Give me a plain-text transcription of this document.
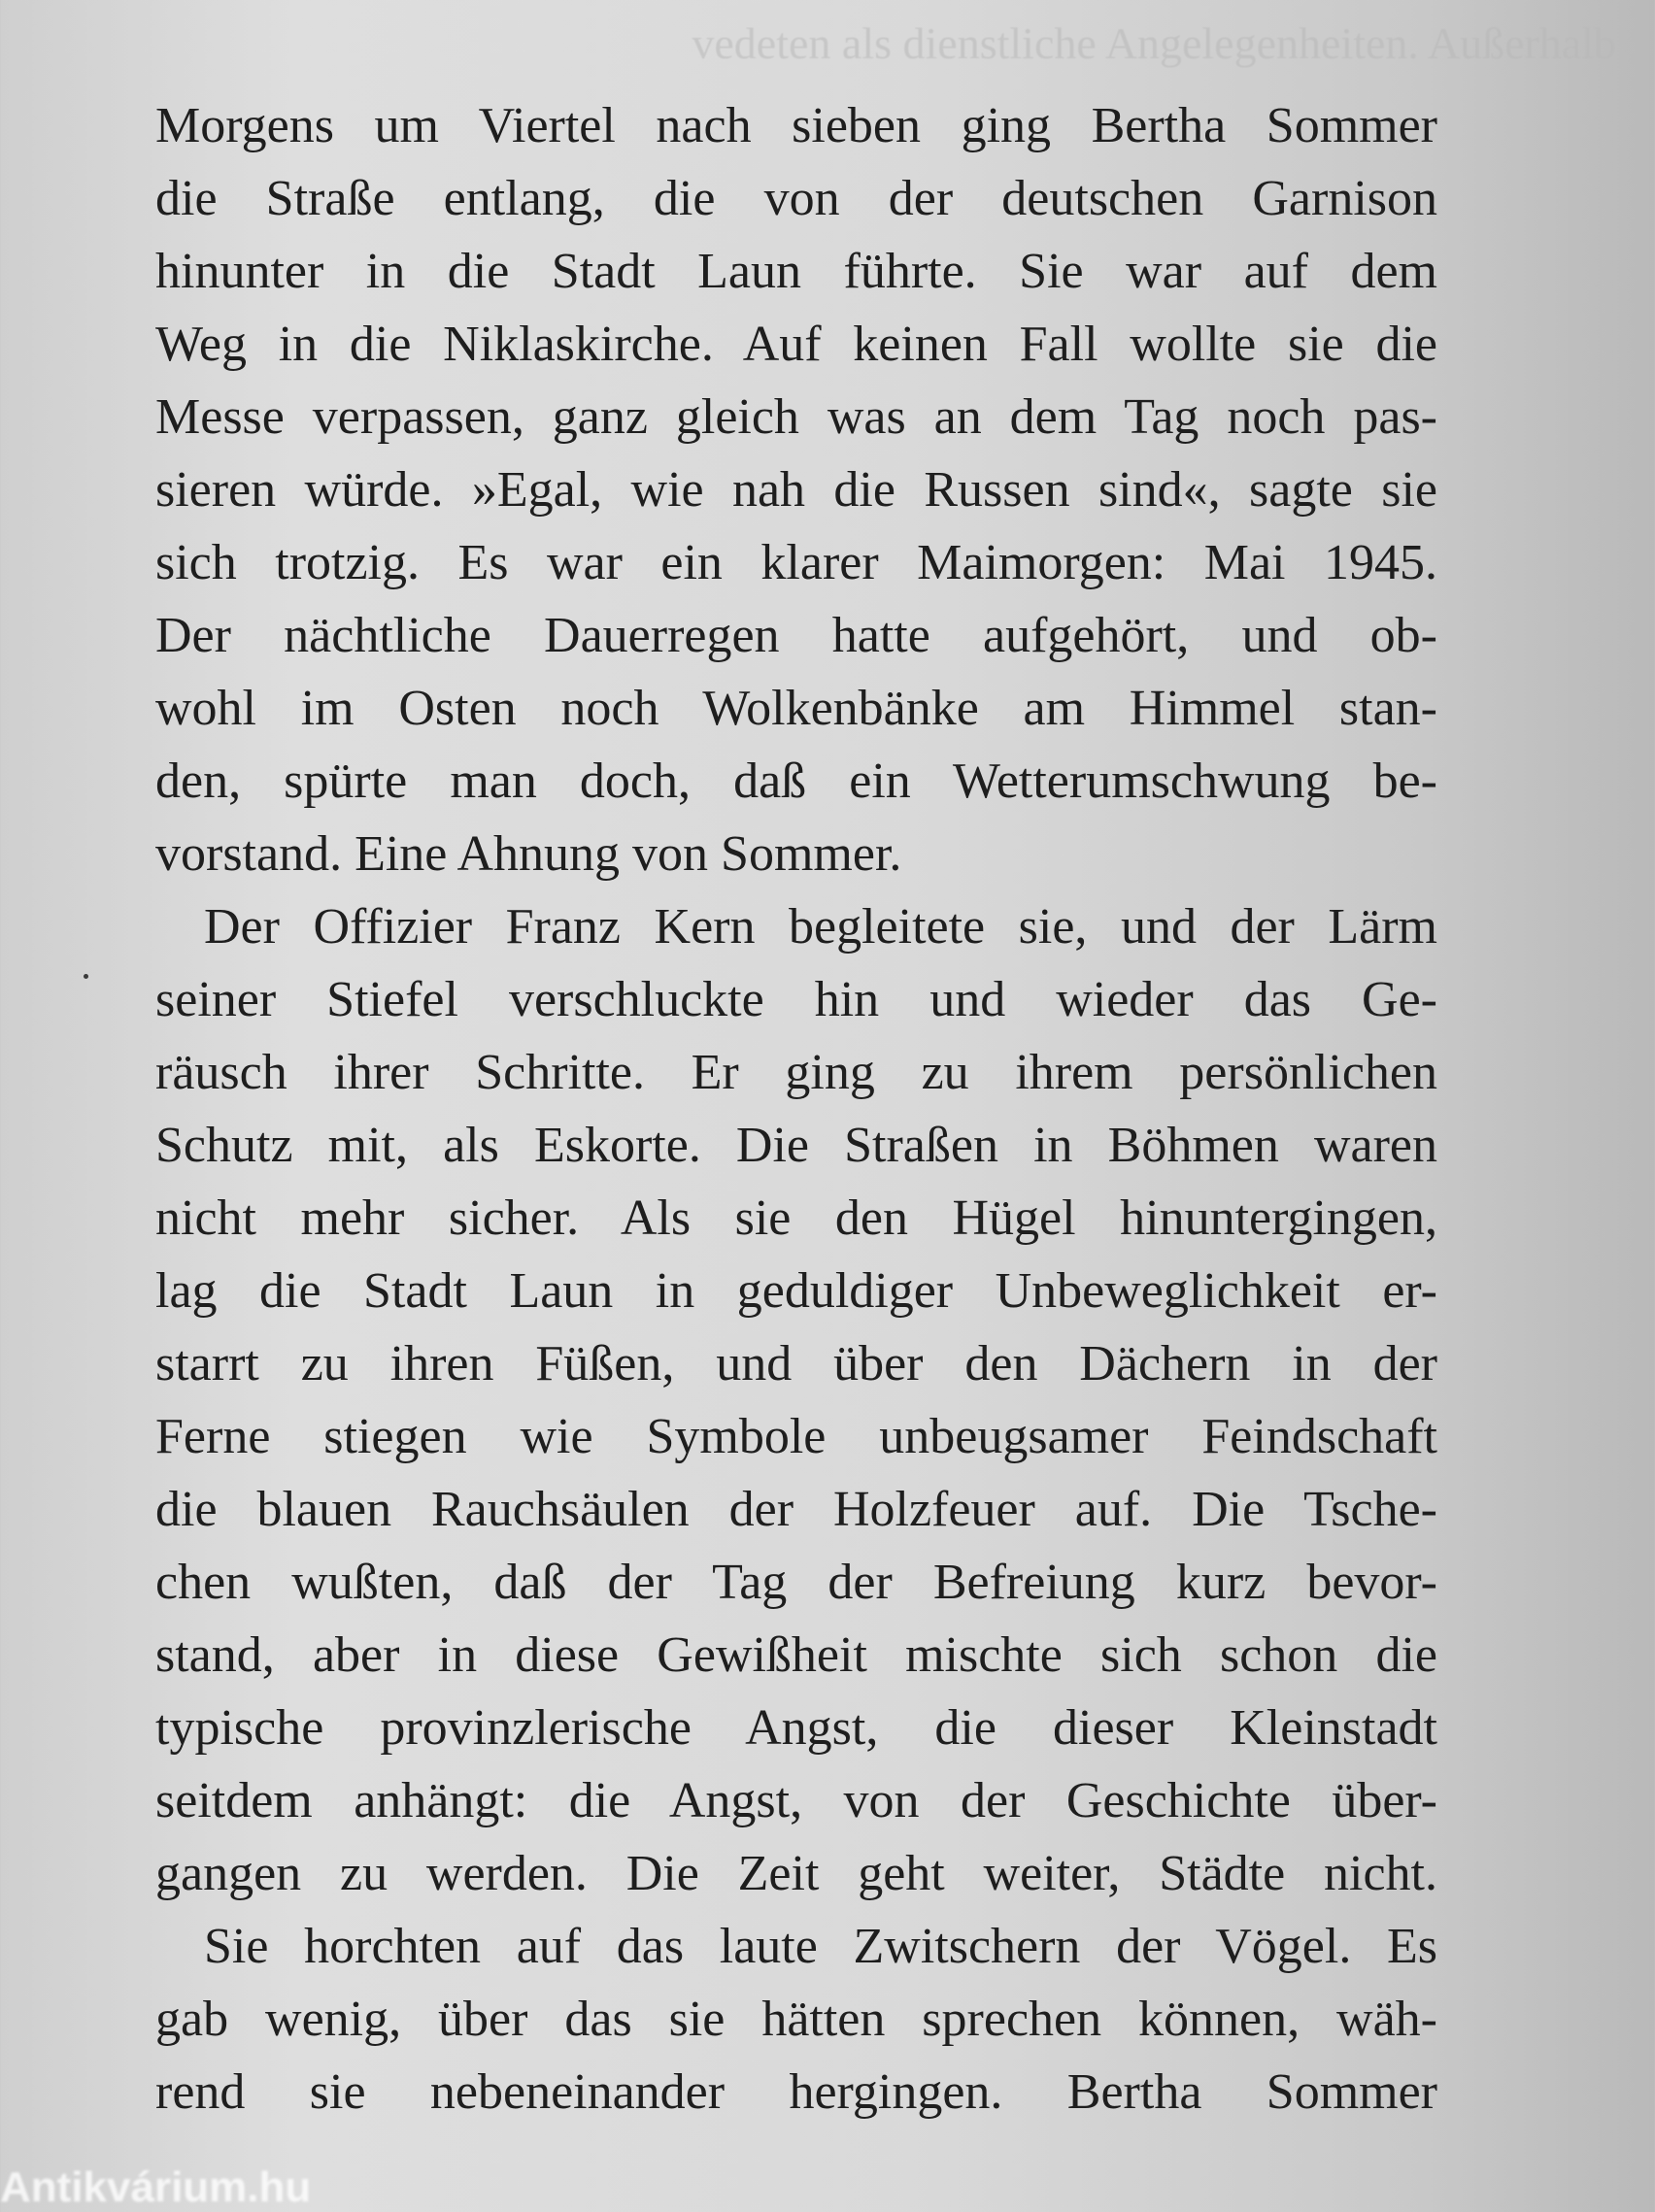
vedeten als dienstliche Angelegenheiten. Außerhalb
Morgens um Viertel nach sieben ging Bertha Sommer
die Straße entlang, die von der deutschen Garnison
hinunter in die Stadt Laun führte. Sie war auf dem
Weg in die Niklaskirche. Auf keinen Fall wollte sie die
Messe verpassen, ganz gleich was an dem Tag noch pas-
sieren würde. »Egal, wie nah die Russen sind«, sagte sie
sich trotzig. Es war ein klarer Maimorgen: Mai 1945.
Der nächtliche Dauerregen hatte aufgehört, und ob-
wohl im Osten noch Wolkenbänke am Himmel stan-
den, spürte man doch, daß ein Wetterumschwung be-
vorstand. Eine Ahnung von Sommer.
Der Offizier Franz Kern begleitete sie, und der Lärm
seiner Stiefel verschluckte hin und wieder das Ge-
räusch ihrer Schritte. Er ging zu ihrem persönlichen
Schutz mit, als Eskorte. Die Straßen in Böhmen waren
nicht mehr sicher. Als sie den Hügel hinuntergingen,
lag die Stadt Laun in geduldiger Unbeweglichkeit er-
starrt zu ihren Füßen, und über den Dächern in der
Ferne stiegen wie Symbole unbeugsamer Feindschaft
die blauen Rauchsäulen der Holzfeuer auf. Die Tsche-
chen wußten, daß der Tag der Befreiung kurz bevor-
stand, aber in diese Gewißheit mischte sich schon die
typische provinzlerische Angst, die dieser Kleinstadt
seitdem anhängt: die Angst, von der Geschichte über-
gangen zu werden. Die Zeit geht weiter, Städte nicht.
Sie horchten auf das laute Zwitschern der Vögel. Es
gab wenig, über das sie hätten sprechen können, wäh-
rend sie nebeneinander hergingen. Bertha Sommer
Antikvárium.hu
